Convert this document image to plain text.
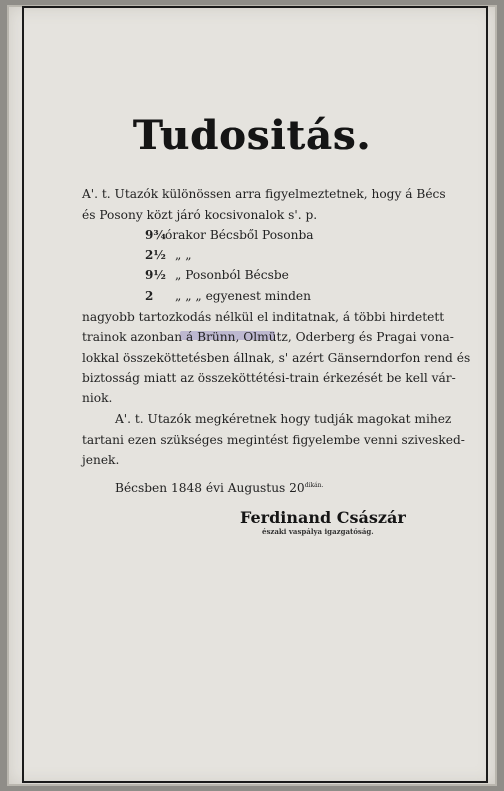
Tudositás.
A'. t. Utazók különössen arra figyelmeztetnek, hogy á Bécs
és Posony közt járó kocsivonalok s'. p.
9¾ órakor Bécsből Posonba
2½ „ „
9½ „ Posonból Bécsbe
2 „ „ „ egyenest minden
nagyobb tartozkodás nélkül el inditatnak, á többi hirdetett
trainok azonban á Brünn, Olmütz, Oderberg és Pragai vona-
lokkal összeköttetésben állnak, s' azért Gänserndorfon rend és
biztosság miatt az összeköttétési-train érkezését be kell vár-
niok.
A'. t. Utazók megkéretnek hogy tudják magokat mihez
tartani ezen szükséges megintést figyelembe venni szivesked-
jenek.
Bécsben 1848 évi Augustus $20^{dikán.}$
Ferdinand Császár
északi vaspálya igazgatóság.
